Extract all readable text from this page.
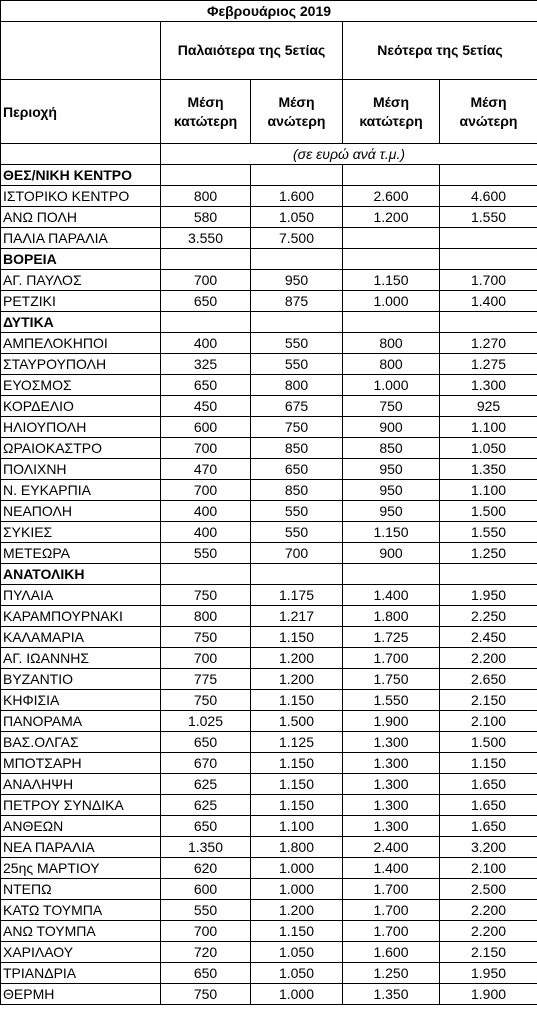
Φεβρουάριος 2019				
	Παλαιότερα της 5ετίας		Νεότερα της 5ετίας	
Περιοχή	Μέση κατώτερη	Μέση ανώτερη	Μέση κατώτερη	Μέση ανώτερη
	(σε ευρώ ανά τ.μ.)			
ΘΕΣ/ΝΙΚΗ ΚΕΝΤΡΟ				
ΙΣΤΟΡΙΚΟ ΚΕΝΤΡΟ	800	1.600	2.600	4.600
ΑΝΩ ΠΟΛΗ	580	1.050	1.200	1.550
ΠΑΛΙΑ ΠΑΡΑΛΙΑ	3.550	7.500		
ΒΟΡΕΙΑ				
ΑΓ. ΠΑΥΛΟΣ	700	950	1.150	1.700
ΡΕΤΖΙΚΙ	650	875	1.000	1.400
ΔΥΤΙΚΑ				
ΑΜΠΕΛΟΚΗΠΟΙ	400	550	800	1.270
ΣΤΑΥΡΟΥΠΟΛΗ	325	550	800	1.275
ΕΥΟΣΜΟΣ	650	800	1.000	1.300
ΚΟΡΔΕΛΙΟ	450	675	750	925
ΗΛΙΟΥΠΟΛΗ	600	750	900	1.100
ΩΡΑΙΟΚΑΣΤΡΟ	700	850	850	1.050
ΠΟΛΙΧΝΗ	470	650	950	1.350
Ν. ΕΥΚΑΡΠΙΑ	700	850	950	1.100
ΝΕΑΠΟΛΗ	400	550	950	1.500
ΣΥΚΙΕΣ	400	550	1.150	1.550
ΜΕΤΕΩΡΑ	550	700	900	1.250
ΑΝΑΤΟΛΙΚΗ				
ΠΥΛΑΙΑ	750	1.175	1.400	1.950
ΚΑΡΑΜΠΟΥΡΝΑΚΙ	800	1.217	1.800	2.250
ΚΑΛΑΜΑΡΙΑ	750	1.150	1.725	2.450
ΑΓ. ΙΩΑΝΝΗΣ	700	1.200	1.700	2.200
ΒΥΖΑΝΤΙΟ	775	1.200	1.750	2.650
ΚΗΦΙΣΙΑ	750	1.150	1.550	2.150
ΠΑΝΟΡΑΜΑ	1.025	1.500	1.900	2.100
ΒΑΣ.ΟΛΓΑΣ	650	1.125	1.300	1.500
ΜΠΟΤΣΑΡΗ	670	1.150	1.300	1.150
ΑΝΑΛΗΨΗ	625	1.150	1.300	1.650
ΠΕΤΡΟΥ ΣΥΝΔΙΚΑ	625	1.150	1.300	1.650
ΑΝΘΕΩΝ	650	1.100	1.300	1.650
ΝΕΑ ΠΑΡΑΛΙΑ	1.350	1.800	2.400	3.200
25ης ΜΑΡΤΙΟΥ	620	1.000	1.400	2.100
ΝΤΕΠΩ	600	1.000	1.700	2.500
ΚΑΤΩ ΤΟΥΜΠΑ	550	1.200	1.700	2.200
ΑΝΩ ΤΟΥΜΠΑ	700	1.150	1.700	2.200
ΧΑΡΙΛΑΟΥ	720	1.050	1.600	2.150
ΤΡΙΑΝΔΡΙΑ	650	1.050	1.250	1.950
ΘΕΡΜΗ	750	1.000	1.350	1.900
